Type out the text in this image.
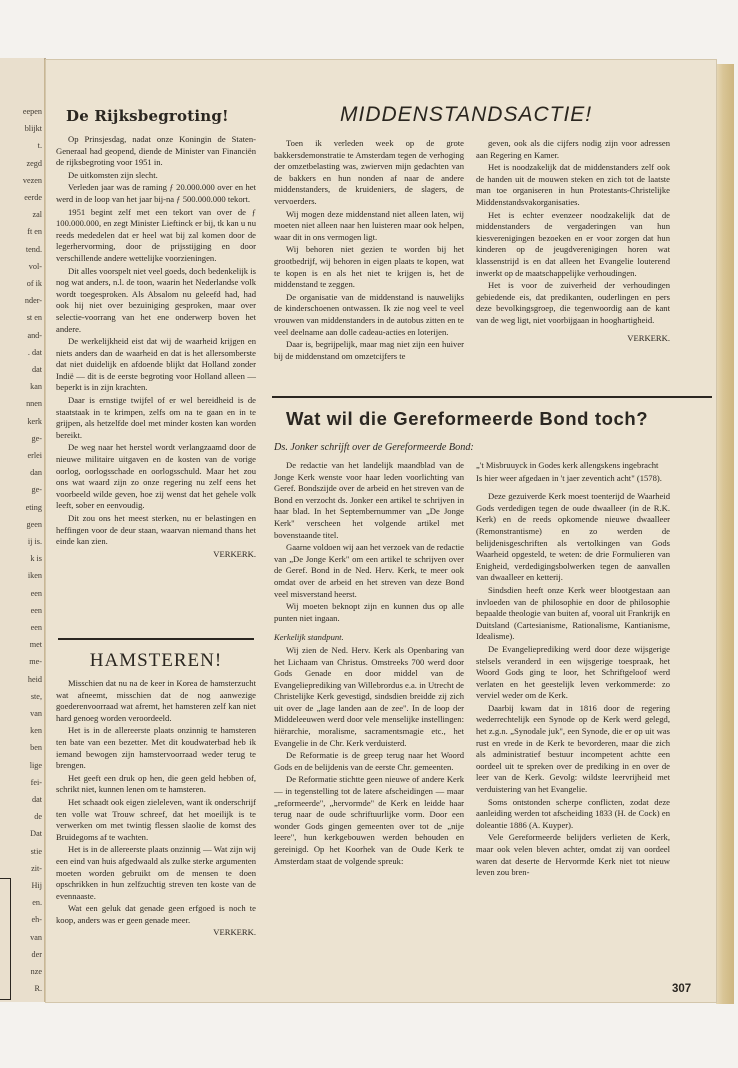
eepen
blijkt
t.
zegd
vezen
eerde
zal
ft en
tend.
vol-
of ik
nder-
st en
and-
. dat
dat
kan
nnen
kerk
ge-
erlei
dan
ge-
eting
geen
ij is.
k is
iken
een
een
een
met
me-
heid
ste,
van
ken
ben
lige
fei-
dat
de
Dat
stie
zit-
Hij
en.
eh-
van
der
nze
R.
De Rijksbegroting!

Op Prinsjesdag, nadat onze Koningin de Staten-Generaal had geopend, diende de Minister van Financiën de rijksbegroting voor 1951 in.

De uitkomsten zijn slecht.

Verleden jaar was de raming ƒ 20.000.000 over en het werd in de loop van het jaar bij-na ƒ 500.000.000 tekort.

1951 begint zelf met een tekort van over de ƒ 100.000.000, en zegt Minister Lieftinck er bij, tk kan u nu reeds mededelen dat er heel wat bij zal komen door de legerhervorming, door de prijsstijging en door verschillende andere wettelijke voorzieningen.

Dit alles voorspelt niet veel goeds, doch bedenkelijk is nog wat anders, n.l. de toon, waarin het Nederlandse volk wordt toegesproken. Als Absalom nu geleefd had, had ook hij niet over bezuiniging gesproken, maar over selectie-voorrang van het ene onderwerp boven het andere.

De werkelijkheid eist dat wij de waarheid krijgen en niets anders dan de waarheid en dat is het allersomberste dat niet duidelijk en afdoende blijkt dat Holland zonder Indië — dit is de eerste begroting voor Holland alleen — beperkt is in zijn krachten.

Daar is ernstige twijfel of er wel bereidheid is de staatstaak in te krimpen, zelfs om na te gaan en in te grijpen, als hetzelfde doel met minder kosten kan worden bereikt.

De weg naar het herstel wordt verlangzaamd door de nieuwe militaire uitgaven en de kosten van de vorige oorlog, oorlogsschade en oorlogsschuld. Maar het zou ons wat waard zijn zo onze regering nu zelf eens het voorbeeld wilde geven, hoe zij wenst dat het gehele volk leeft, sober en eenvoudig.

Dit zou ons het meest sterken, nu er belastingen en heffingen voor de deur staan, waarvan niemand thans het einde kan zien.

VERKERK.
HAMSTEREN!

Misschien dat nu na de keer in Korea de hamsterzucht wat afneemt, misschien dat de nog aanwezige goederenvoorraad wat afremt, het hamsteren zelf kan niet hard genoeg worden veroordeeld.

Het is in de allereerste plaats onzinnig te hamsteren ten bate van een bezetter. Met dit koudwaterbad heb ik iemand bewogen zijn hamstervoorraad weder terug te brengen.

Het geeft een druk op hen, die geen geld hebben of, schrikt niet, kunnen lenen om te hamsteren.

Het schaadt ook eigen zieleleven, want ik onderschrijf ten volle wat Trouw schreef, dat het moeilijk is te verwerken om met twintig flessen slaolie de komst des Bruidegoms af te wachten.

Het is in de allereerste plaats onzinnig — Wat zijn wij een eind van huis afgedwaald als zulke sterke argumenten moeten worden gebruikt om de mensen te doen opschrikken in hun zelfzuchtig streven ten koste van de evennaaste.

Wat een geluk dat genade geen erfgoed is noch te koop, anders was er geen genade meer.

VERKERK.
MIDDENSTANDSACTIE!

Toen ik verleden week op de grote bakkersdemonstratie te Amsterdam tegen de verhoging der omzetbelasting was, zwierven mijn gedachten van de bakkers en hun nonden af naar de andere middenstanders, de kruideniers, de slagers, de vervoerders.

Wij mogen deze middenstand niet alleen laten, wij moeten niet alleen naar hen luisteren maar ook helpen, waar dit in ons vermogen ligt.

Wij behoren niet gezien te worden bij het grootbedrijf, wij behoren in eigen plaats te kopen, wat te kopen is en als het niet te krijgen is, het de middenstand te zeggen.

De organisatie van de middenstand is nauwelijks de kinderschoenen ontwassen. Ik zie nog veel te veel vrouwen van middenstanders in de autobus zitten en te veel deelname aan dolle cadeau-acties en loterijen.

Daar is, begrijpelijk, maar mag niet zijn een huiver bij de middenstand om omzetcijfers te

geven, ook als die cijfers nodig zijn voor adressen aan Regering en Kamer.

Het is noodzakelijk dat de middenstanders zelf ook de handen uit de mouwen steken en zich tot de laatste man toe organiseren in hun Protestants-Christelijke Middenstandsvakorganisaties.

Het is echter evenzeer noodzakelijk dat de middenstanders de vergaderingen van hun kiesverenigingen bezoeken en er voor zorgen dat hun kinderen op de jeugdverenigingen horen wat klassenstrijd is en dat alleen het Evangelie louterend inwerkt op de maatschappelijke verhoudingen.

Het is voor de zuiverheid der verhoudingen gebiedende eis, dat predikanten, ouderlingen en pers deze bevolkingsgroep, die tegenwoordig aan de kant van de weg ligt, niet voorbijgaan in hooghartigheid.

VERKERK.
Wat wil die Gereformeerde Bond toch?
Ds. Jonker schrijft over de Gereformeerde Bond:

De redactie van het landelijk maandblad van de Jonge Kerk wenste voor haar leden voorlichting van Geref. Bondszijde over de arbeid en het streven van de Bond en verzocht ds. Jonker een artikel te schrijven in haar blad. In het Septembernummer van „De Jonge Kerk" verscheen het volgende artikel met bovenstaande titel.

Gaarne voldoen wij aan het verzoek van de redactie van „De Jonge Kerk" om een artikel te schrijven over de Geref. Bond in de Ned. Herv. Kerk, te meer ook omdat over de arbeid en het streven van deze Bond veel misverstand heerst.

Wij moeten beknopt zijn en kunnen dus op alle punten niet ingaan.

Kerkelijk standpunt.

Wij zien de Ned. Herv. Kerk als Openbaring van het Lichaam van Christus. Omstreeks 700 werd door Gods Genade en door middel van de Evangelieprediking van Willebrordus e.a. in Utrecht de Christelijke Kerk gevestigd, sindsdien breidde zij zich uit over de „lage landen aan de zee". In de loop der Middeleeuwen werd door vele menselijke instellingen: hiërarchie, moralisme, sacramentsmagie etc., het Evangelie in de Chr. Kerk verduisterd.

De Reformatie is de greep terug naar het Woord Gods en de belijdenis van de eerste Chr. gemeenten.

De Reformatie stichtte geen nieuwe of andere Kerk — in tegenstelling tot de latere afscheidingen — maar „reformeerde", „hervormde" de Kerk en leidde haar terug naar de oude schriftuurlijke vorm. Door een wonder Gods gingen gemeenten over tot de „nije leere", hun kerkgebouwen werden behouden en gereinigd. Op het Koorhek van de Oude Kerk te Amsterdam staat de volgende spreuk:

„'t Misbruuyck in Godes kerk allengskens ingebracht

Is hier weer afgedaen in 't jaer zeventich acht" (1578).

Deze gezuiverde Kerk moest toenterijd de Waarheid Gods verdedigen tegen de oude dwaalleer (in de R.K. Kerk) en de reeds opkomende nieuwe dwaalleer (Remonstrantisme) en zo werden de belijdenisgeschriften als vertolkingen van Gods Waarheid opgesteld, te weten: de drie Formulieren van Enigheid, verdedigingsbolwerken tegen de aanvallen van dwaalleer en ketterij.

Sindsdien heeft onze Kerk weer blootgestaan aan invloeden van de philosophie en door de philosophie bepaalde theologie van buiten af, vooral uit Frankrijk en Duitsland (Cartesianisme, Rationalisme, Kantianisme, Idealisme).

De Evangelieprediking werd door deze wijsgerige stelsels veranderd in een wijsgerige toespraak, het Woord Gods ging te loor, het Schriftgeloof werd verlaten en het geestelijk leven verkommerde: zo verviel weder om de Kerk.

Daarbij kwam dat in 1816 door de regering wederrechtelijk een Synode op de Kerk werd gelegd, het z.g.n. „Synodale juk", een Synode, die er op uit was rust en vrede in de Kerk te bevorderen, maar die zich als administratief bestuur incompetent achtte een oordeel uit te spreken over de prediking in en over de leer van de Kerk. Gevolg: wildste leervrijheid met verduistering van het Evangelie.

Soms ontstonden scherpe conflicten, zodat deze aanleiding werden tot afscheiding 1833 (H. de Cock) en doleantie 1886 (A. Kuyper).

Vele Gereformeerde belijders verlieten de Kerk, maar ook velen bleven achter, omdat zij van oordeel waren dat deserte de Hervormde Kerk niet tot nieuw leven zou bren-

307
